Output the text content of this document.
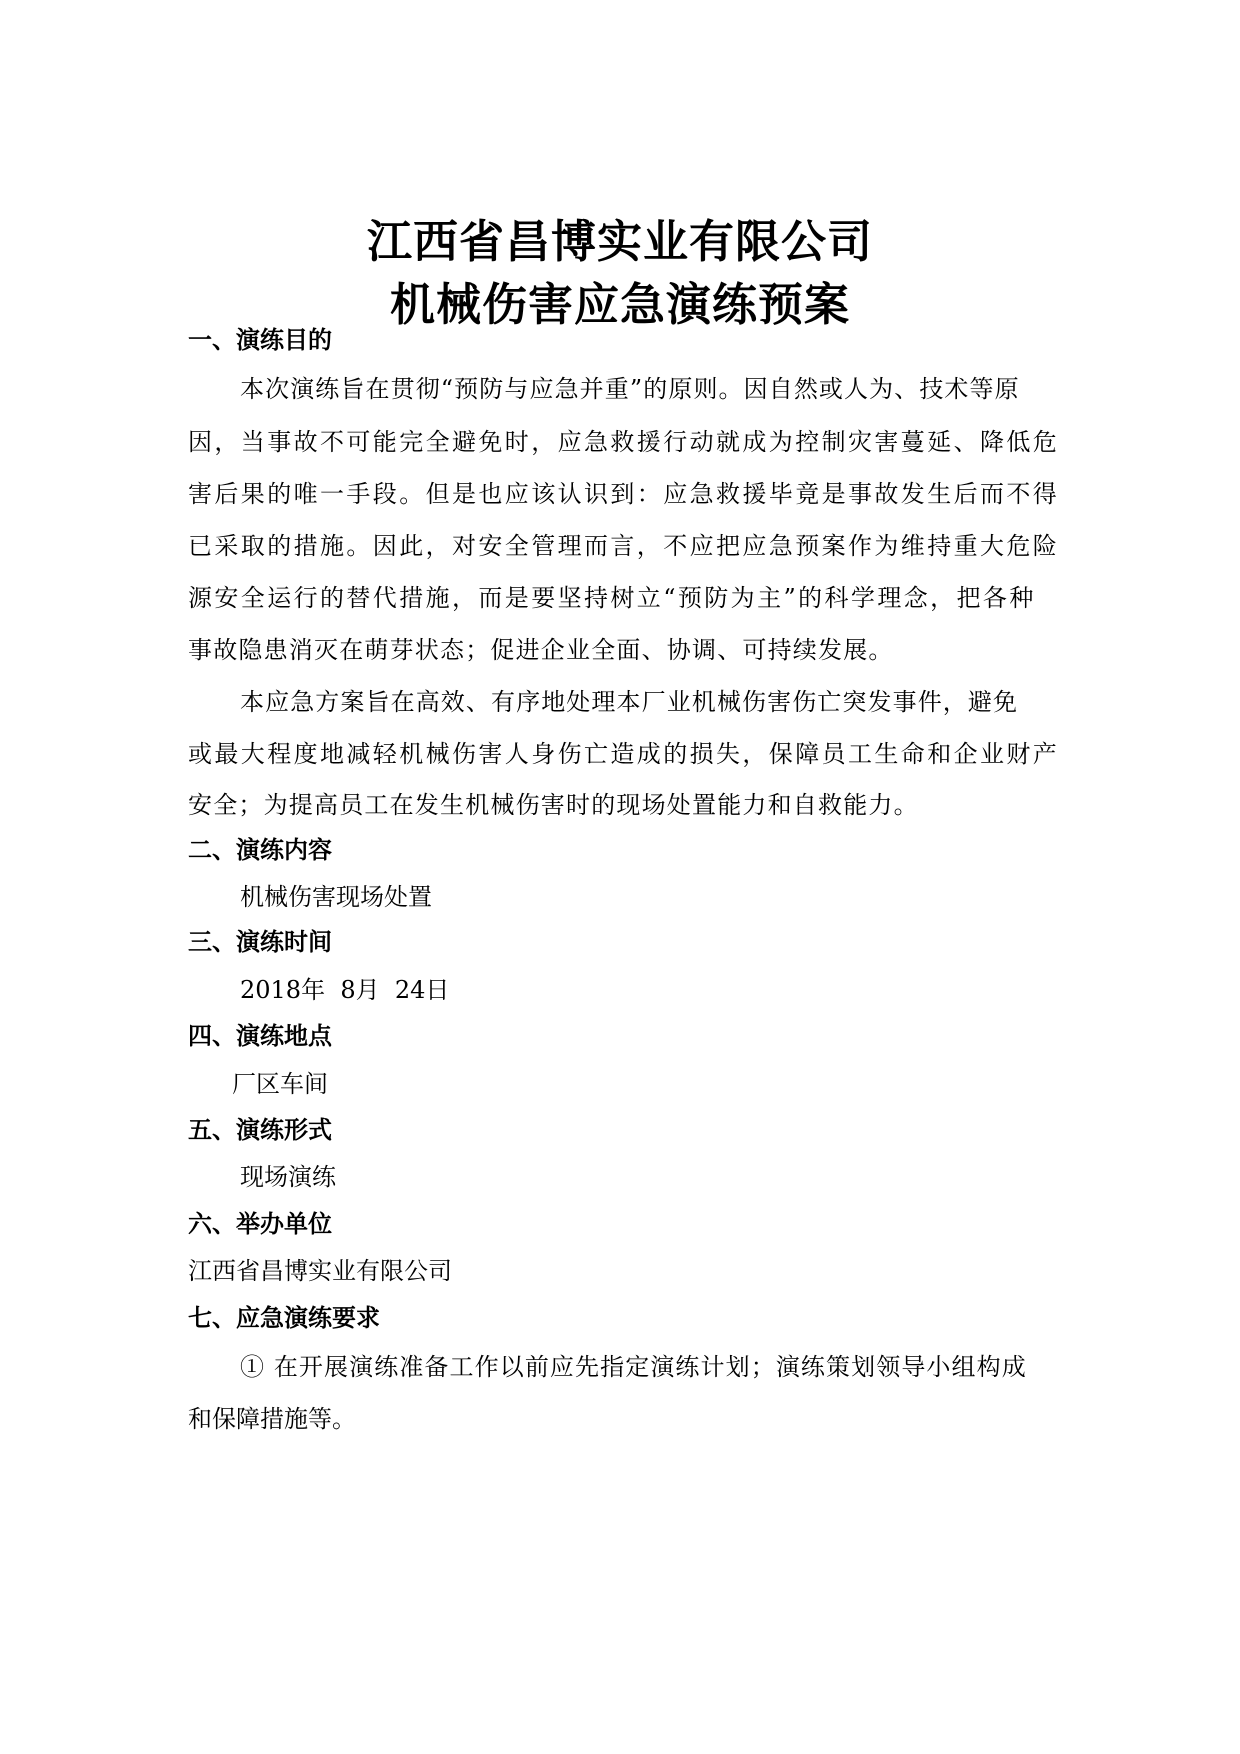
江西省昌博实业有限公司
机械伤害应急演练预案
一、演练目的
本次演练旨在贯彻“预防与应急并重”的原则。因自然或人为、技术等原
因，当事故不可能完全避免时，应急救援行动就成为控制灾害蔓延、降低危
害后果的唯一手段。但是也应该认识到：应急救援毕竟是事故发生后而不得
已采取的措施。因此，对安全管理而言，不应把应急预案作为维持重大危险
源安全运行的替代措施，而是要坚持树立“预防为主”的科学理念，把各种
事故隐患消灭在萌芽状态；促进企业全面、协调、可持续发展。
本应急方案旨在高效、有序地处理本厂业机械伤害伤亡突发事件，避免
或最大程度地减轻机械伤害人身伤亡造成的损失，保障员工生命和企业财产
安全；为提高员工在发生机械伤害时的现场处置能力和自救能力。
二、演练内容
机械伤害现场处置
三、演练时间
2018年  8月  24日
四、演练地点
厂区车间
五、演练形式
现场演练
六、举办单位
江西省昌博实业有限公司
七、应急演练要求
① 在开展演练准备工作以前应先指定演练计划；演练策划领导小组构成
和保障措施等。
